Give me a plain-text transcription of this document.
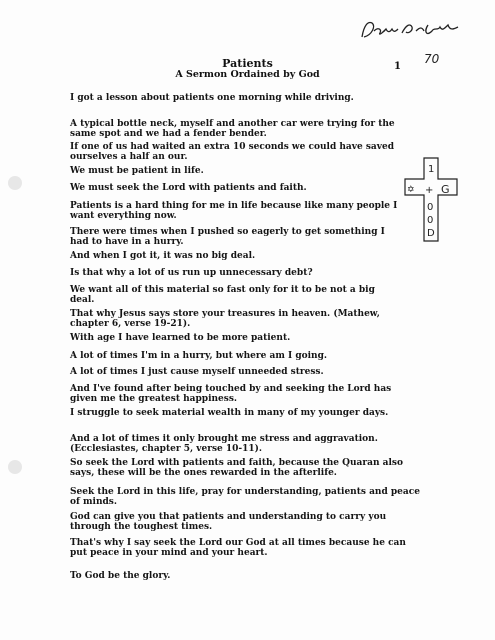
70
Patients	1
A Sermon Ordained by God
✡
1
+ G
0
0
D

I got a lesson about patients one morning while driving.

A typical bottle neck, myself and another car were trying for the same spot and we had a fender bender.

If one of us had waited an extra 10 seconds we could have saved ourselves a half an our.

We must be patient in life.

We must seek the Lord with patients and faith.

Patients is a hard thing for me in life because like many people I want everything now.

There were times when I pushed so eagerly to get something I had to have in a hurry.

And when I got it, it was no big deal.

Is that why a lot of us run up unnecessary debt?

We want all of this material so fast only for it to be not a big deal.

That why Jesus says store your treasures in heaven. (Mathew, chapter 6, verse 19-21).

With age I have learned to be more patient.

A lot of times I'm in a hurry, but where am I going.

A lot of times I just cause myself unneeded stress.

And I've found after being touched by and seeking the Lord has given me the greatest happiness.

I struggle to seek material wealth in many of my younger days.

And a lot of times it only brought me stress and aggravation. (Ecclesiastes, chapter 5, verse 10-11).

So seek the Lord with patients and faith, because the Quaran also says, these will be the ones rewarded in the afterlife.

Seek the Lord in this life, pray for understanding, patients and peace of minds.

God can give you that patients and understanding to carry you through the toughest times.

That's why I say seek the Lord our God at all times because he can put peace in your mind and your heart.

To God be the glory.
